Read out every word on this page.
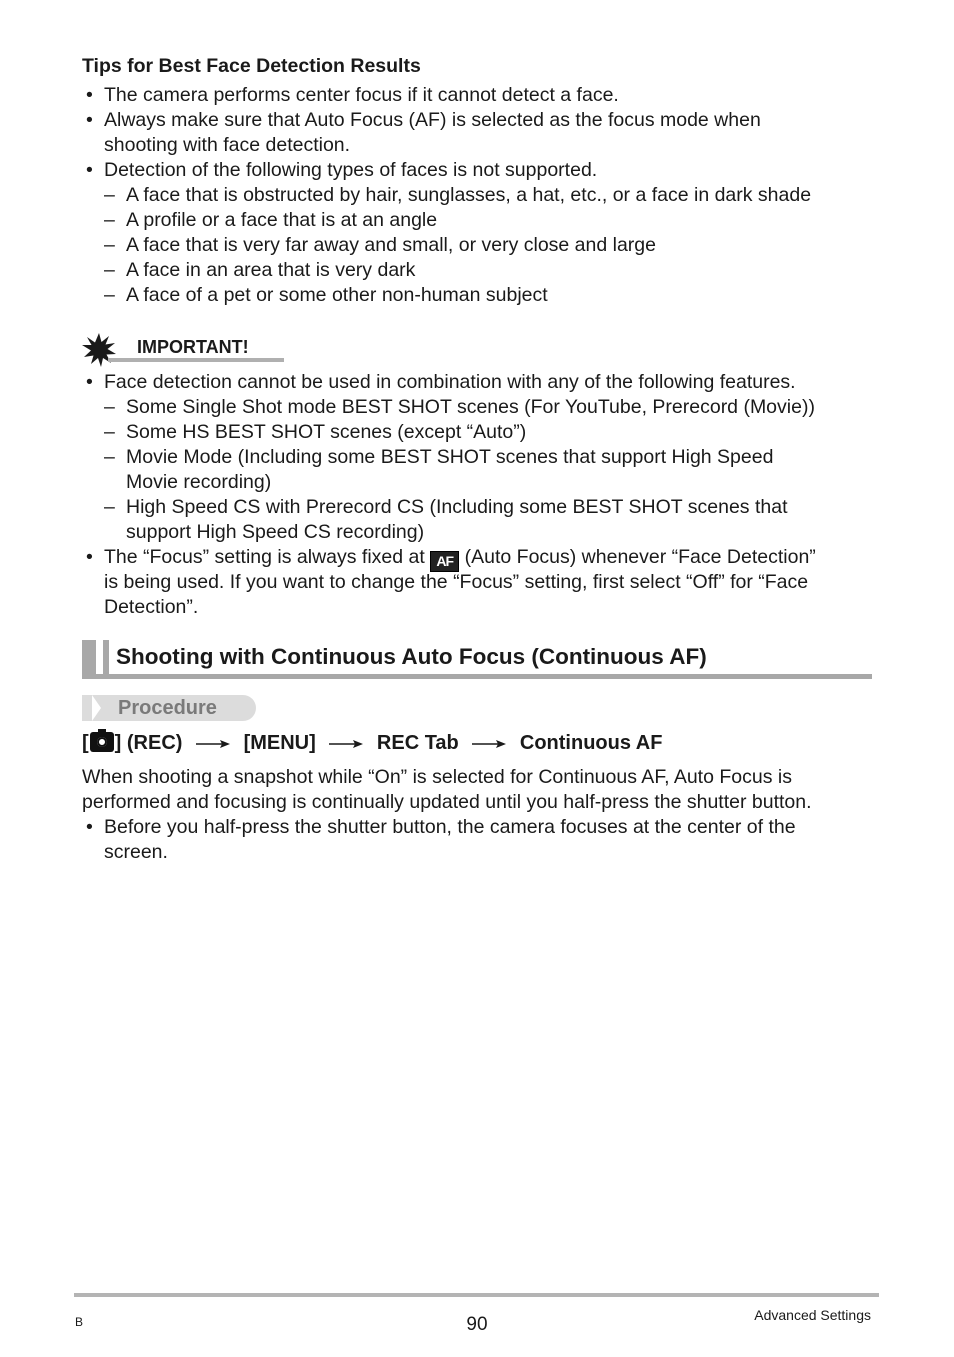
Tips for Best Face Detection Results
• The camera performs center focus if it cannot detect a face.
• Always make sure that Auto Focus (AF) is selected as the focus mode when
shooting with face detection.
• Detection of the following types of faces is not supported.
– A face that is obstructed by hair, sunglasses, a hat, etc., or a face in dark shade
– A profile or a face that is at an angle
– A face that is very far away and small, or very close and large
– A face in an area that is very dark
– A face of a pet or some other non-human subject
IMPORTANT!
• Face detection cannot be used in combination with any of the following features.
– Some Single Shot mode BEST SHOT scenes (For YouTube, Prerecord (Movie))
– Some HS BEST SHOT scenes (except “Auto”)
– Movie Mode (Including some BEST SHOT scenes that support High Speed
Movie recording)
– High Speed CS with Prerecord CS (Including some BEST SHOT scenes that
support High Speed CS recording)
• The “Focus” setting is always fixed at AF (Auto Focus) whenever “Face Detection”
is being used. If you want to change the “Focus” setting, first select “Off” for “Face
Detection”.
Shooting with Continuous Auto Focus (Continuous AF)
Procedure
[ ] (REC)	[MENU]	REC Tab	Continuous AF
When shooting a snapshot while “On” is selected for Continuous AF, Auto Focus is
performed and focusing is continually updated until you half-press the shutter button.
• Before you half-press the shutter button, the camera focuses at the center of the
screen.
B	90	Advanced Settings
